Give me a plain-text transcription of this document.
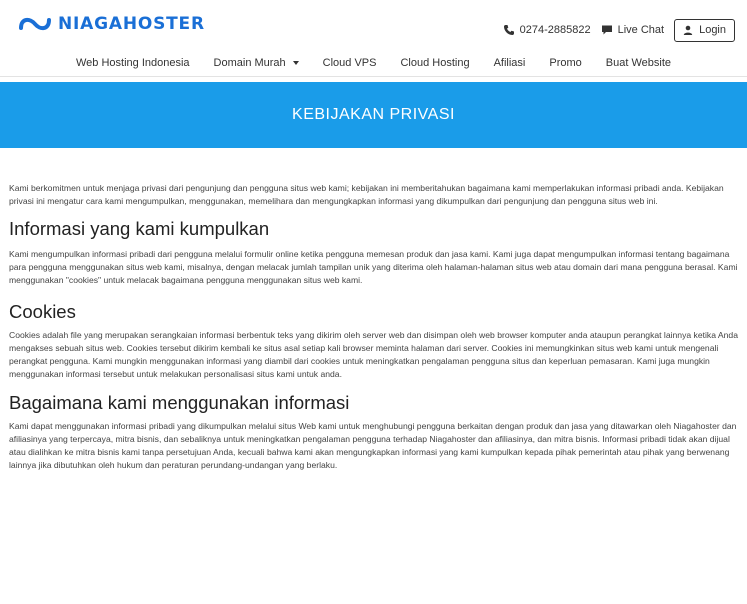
NIAGAHOSTER	0274-2885822 Live Chat	Login
Web Hosting Indonesia Domain Murah	Cloud VPS Cloud Hosting Afiliasi Promo Buat Website
KEBIJAKAN PRIVASI

Kami berkomitmen untuk menjaga privasi dari pengunjung dan pengguna situs web kami; kebijakan ini memberitahukan bagaimana kami memperlakukan informasi pribadi anda. Kebijakan privasi ini mengatur cara kami mengumpulkan, menggunakan, memelihara dan mengungkapkan informasi yang dikumpulkan dari pengunjung dan pengguna situs web ini.

Informasi yang kami kumpulkan

Kami mengumpulkan informasi pribadi dari pengguna melalui formulir online ketika pengguna memesan produk dan jasa kami. Kami juga dapat mengumpulkan informasi tentang bagaimana para pengguna menggunakan situs web kami, misalnya, dengan melacak jumlah tampilan unik yang diterima oleh halaman-halaman situs web atau domain dari mana pengguna berasal. Kami menggunakan "cookies" untuk melacak bagaimana pengguna menggunakan situs web kami.

Cookies

Cookies adalah file yang merupakan serangkaian informasi berbentuk teks yang dikirim oleh server web dan disimpan oleh web browser komputer anda ataupun perangkat lainnya ketika Anda mengakses sebuah situs web. Cookies tersebut dikirim kembali ke situs asal setiap kali browser meminta halaman dari server. Cookies ini memungkinkan situs web kami untuk mengenali perangkat pengguna. Kami mungkin menggunakan informasi yang diambil dari cookies untuk meningkatkan pengalaman pengguna situs dan keperluan pemasaran. Kami juga mungkin menggunakan informasi tersebut untuk melakukan personalisasi situs kami untuk anda.

Bagaimana kami menggunakan informasi

Kami dapat menggunakan informasi pribadi yang dikumpulkan melalui situs Web kami untuk menghubungi pengguna berkaitan dengan produk dan jasa yang ditawarkan oleh Niagahoster dan afiliasinya yang terpercaya, mitra bisnis, dan sebaliknya untuk meningkatkan pengalaman pengguna terhadap Niagahoster dan afiliasinya, dan mitra bisnis. Informasi pribadi tidak akan dijual atau dialihkan ke mitra bisnis kami tanpa persetujuan Anda, kecuali bahwa kami akan mengungkapkan informasi yang kami kumpulkan kepada pihak pemerintah atau pihak yang berwenang lainnya jika dibutuhkan oleh hukum dan peraturan perundang-undangan yang berlaku.
